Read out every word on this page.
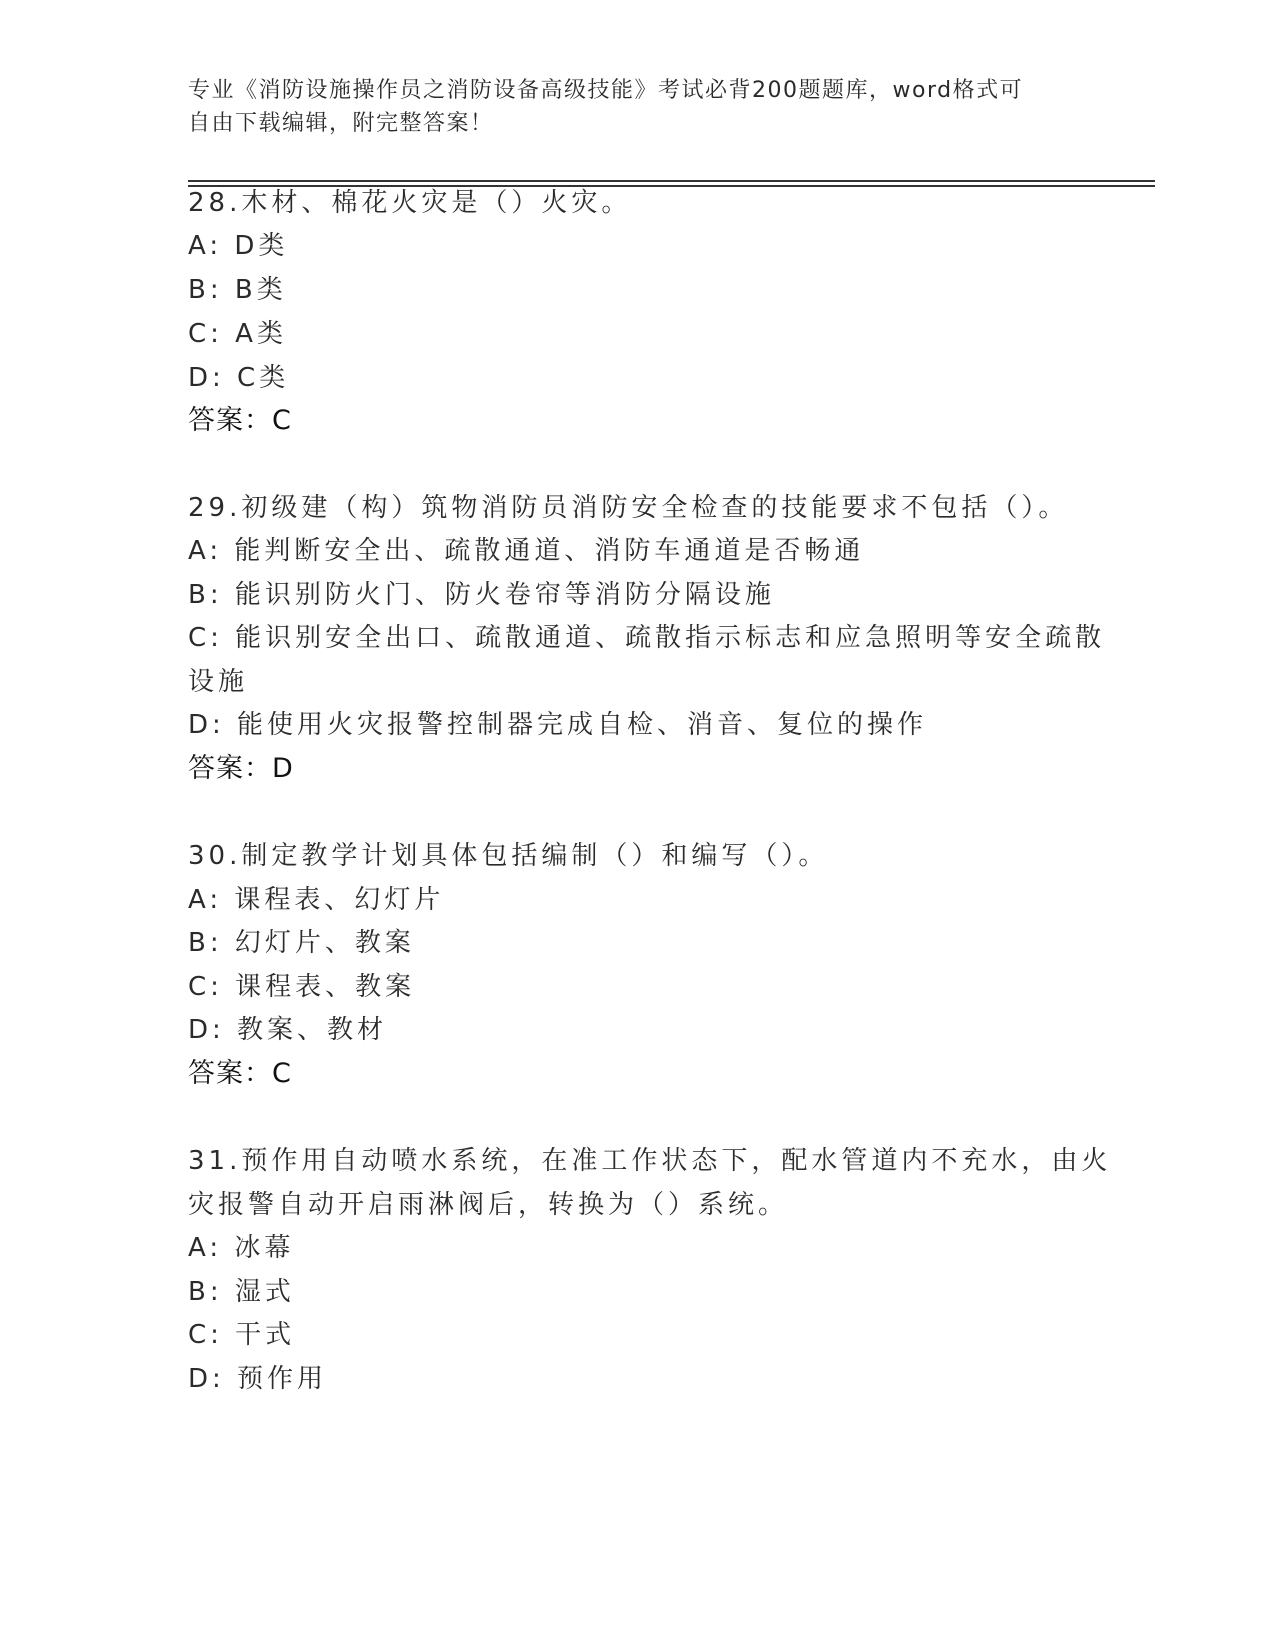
专业《消防设施操作员之消防设备高级技能》考试必背200题题库，word格式可
自由下载编辑，附完整答案！
28.木材、棉花火灾是（）火灾。
A: D类
B: B类
C: A类
D: C类
答案：C
29.初级建（构）筑物消防员消防安全检查的技能要求不包括（）。
A: 能判断安全出、疏散通道、消防车通道是否畅通
B: 能识别防火门、防火卷帘等消防分隔设施
C: 能识别安全出口、疏散通道、疏散指示标志和应急照明等安全疏散
设施
D: 能使用火灾报警控制器完成自检、消音、复位的操作
答案：D
30.制定教学计划具体包括编制（）和编写（）。
A: 课程表、幻灯片
B: 幻灯片、教案
C: 课程表、教案
D: 教案、教材
答案：C
31.预作用自动喷水系统，在准工作状态下，配水管道内不充水，由火
灾报警自动开启雨淋阀后，转换为（）系统。
A: 冰幕
B: 湿式
C: 干式
D: 预作用
